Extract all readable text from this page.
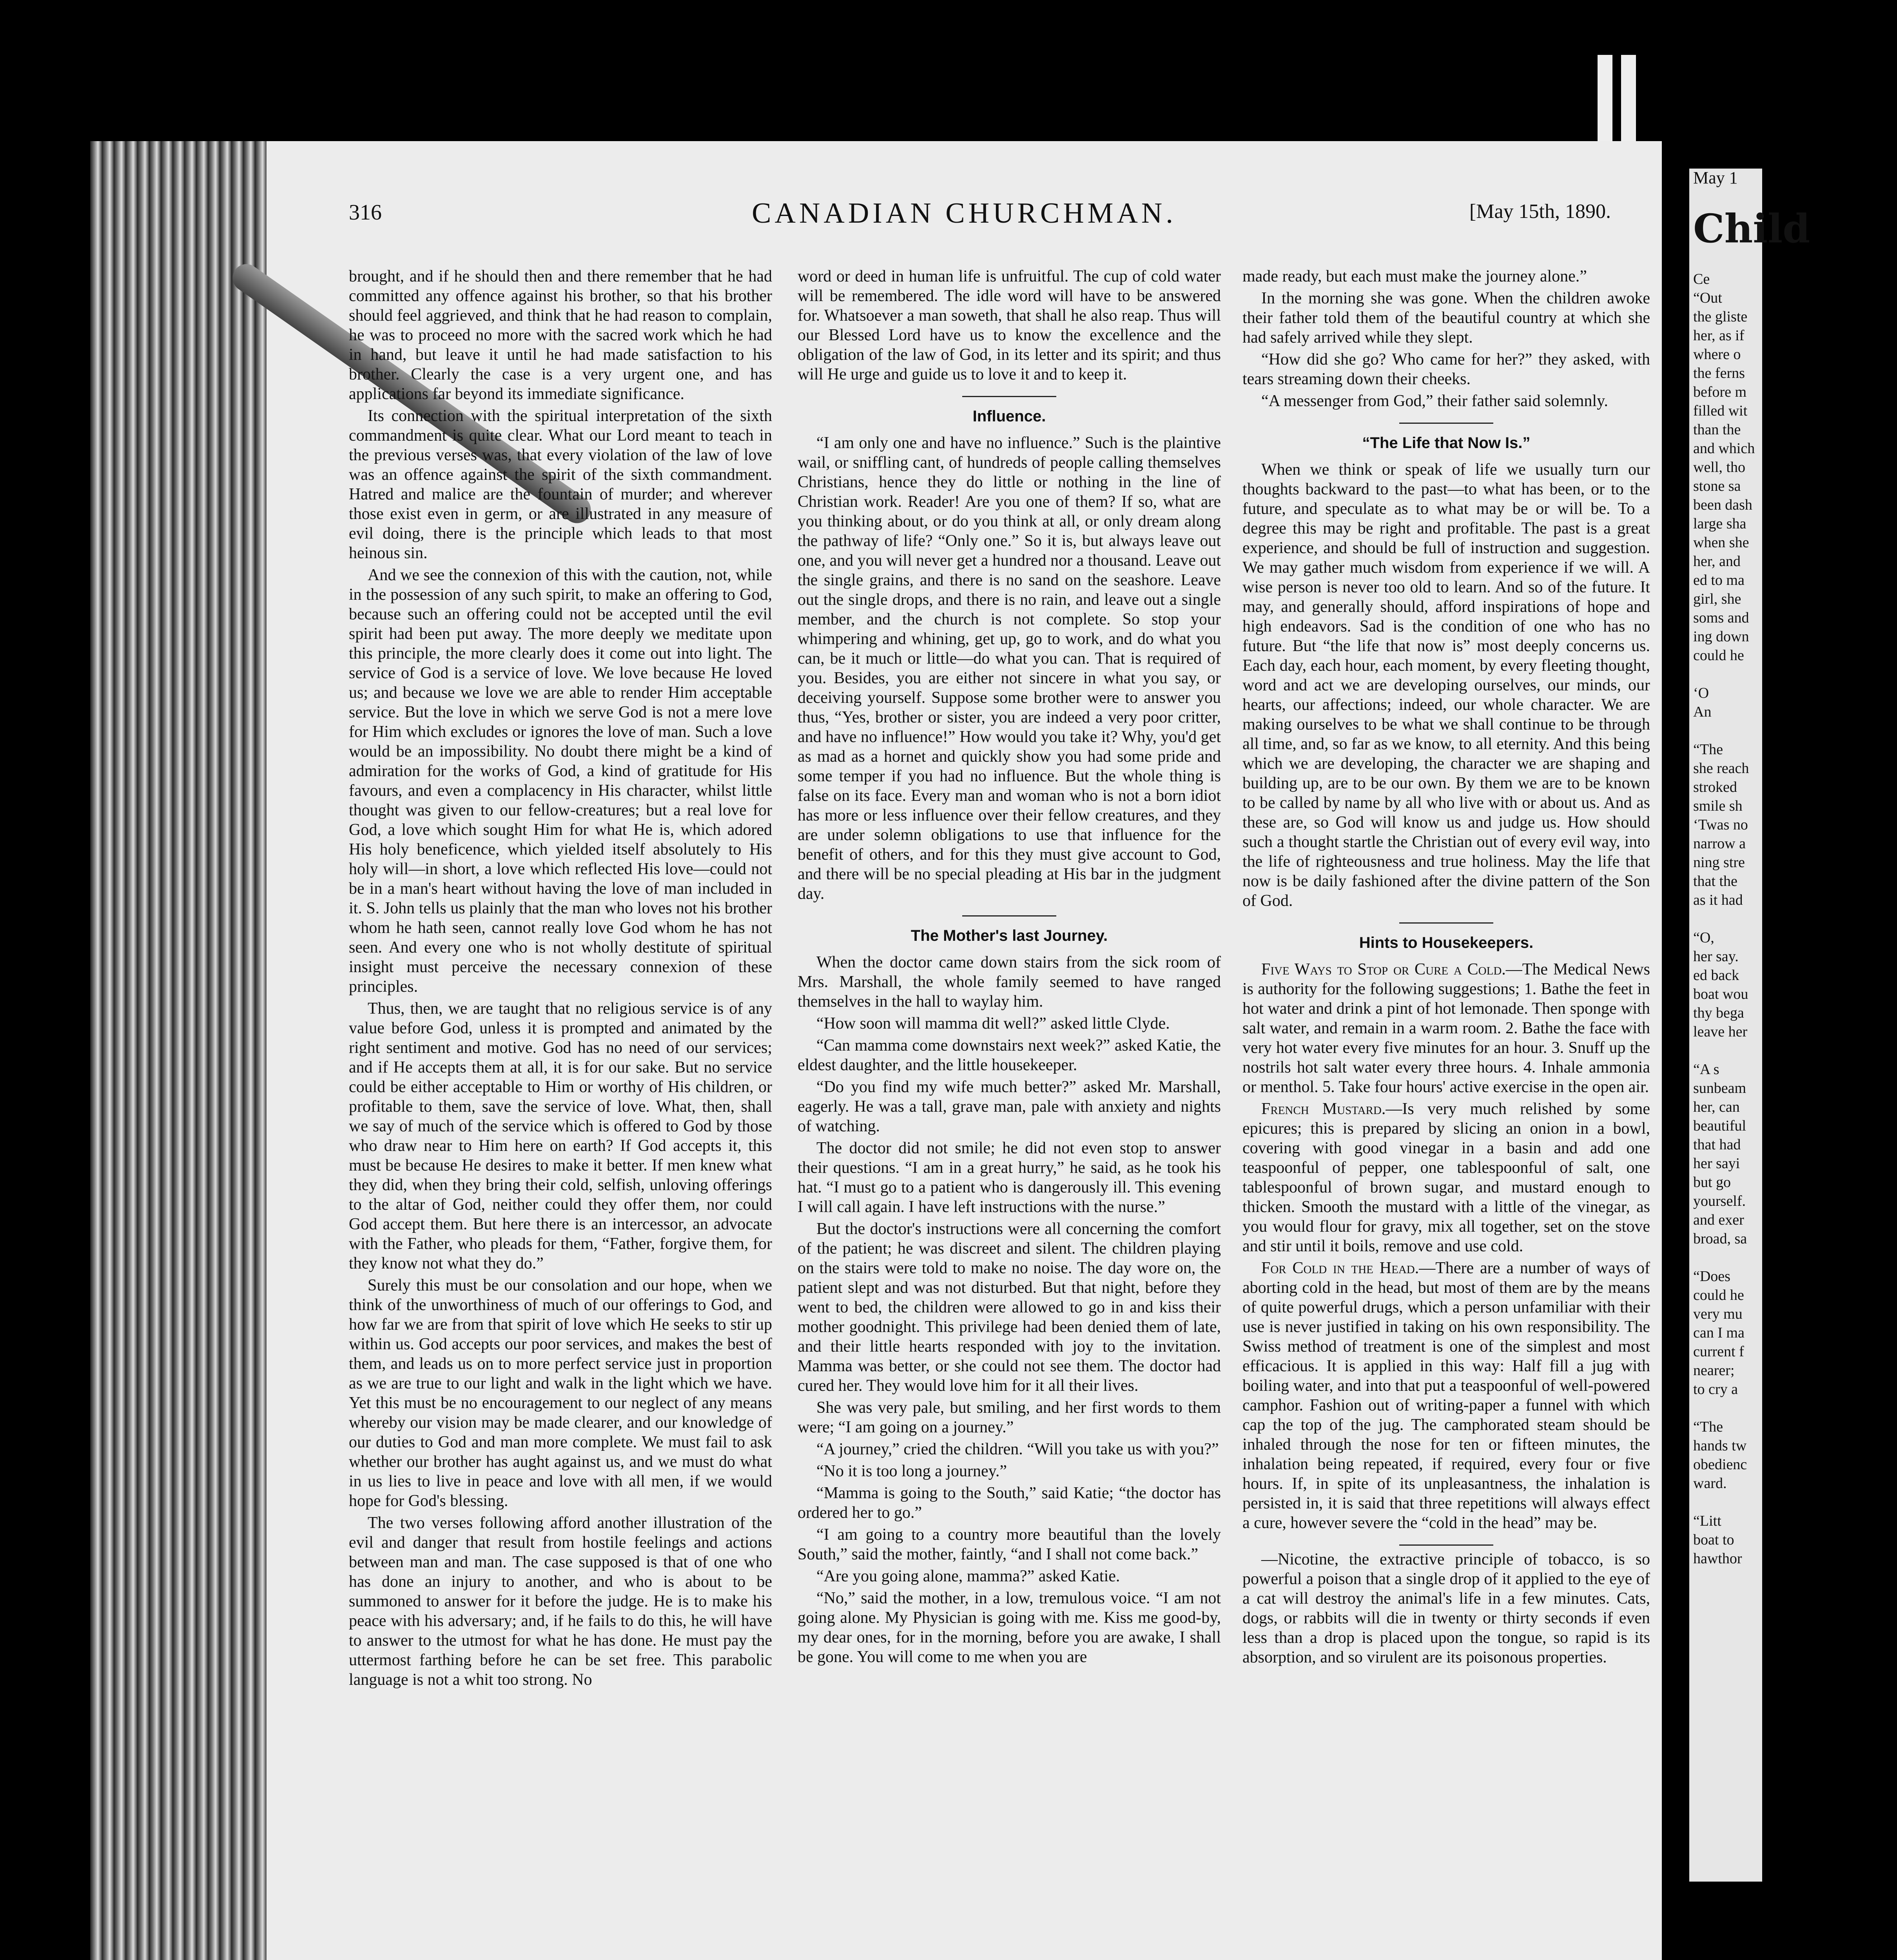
316	CANADIAN CHURCHMAN.	[May 15th, 1890.

brought, and if he should then and there remember that he had committed any offence against his brother, so that his brother should feel aggrieved, and think that he had reason to complain, he was to proceed no more with the sacred work which he had in hand, but leave it until he had made satisfaction to his brother. Clearly the case is a very urgent one, and has applications far beyond its immediate significance.

Its connection with the spiritual interpretation of the sixth commandment is quite clear. What our Lord meant to teach in the previous verses was, that every violation of the law of love was an offence against the spirit of the sixth commandment. Hatred and malice are the fountain of murder; and wherever those exist even in germ, or are illustrated in any measure of evil doing, there is the principle which leads to that most heinous sin.

And we see the connexion of this with the caution, not, while in the possession of any such spirit, to make an offering to God, because such an offering could not be accepted until the evil spirit had been put away. The more deeply we meditate upon this principle, the more clearly does it come out into light. The service of God is a service of love. We love because He loved us; and because we love we are able to render Him acceptable service. But the love in which we serve God is not a mere love for Him which excludes or ignores the love of man. Such a love would be an impossibility. No doubt there might be a kind of admiration for the works of God, a kind of gratitude for His favours, and even a complacency in His character, whilst little thought was given to our fellow-creatures; but a real love for God, a love which sought Him for what He is, which adored His holy beneficence, which yielded itself absolutely to His holy will—in short, a love which reflected His love—could not be in a man's heart without having the love of man included in it. S. John tells us plainly that the man who loves not his brother whom he hath seen, cannot really love God whom he has not seen. And every one who is not wholly destitute of spiritual insight must perceive the necessary connexion of these principles.

Thus, then, we are taught that no religious service is of any value before God, unless it is prompted and animated by the right sentiment and motive. God has no need of our services; and if He accepts them at all, it is for our sake. But no service could be either acceptable to Him or worthy of His children, or profitable to them, save the service of love. What, then, shall we say of much of the service which is offered to God by those who draw near to Him here on earth? If God accepts it, this must be because He desires to make it better. If men knew what they did, when they bring their cold, selfish, unloving offerings to the altar of God, neither could they offer them, nor could God accept them. But here there is an intercessor, an advocate with the Father, who pleads for them, “Father, forgive them, for they know not what they do.”

Surely this must be our consolation and our hope, when we think of the unworthiness of much of our offerings to God, and how far we are from that spirit of love which He seeks to stir up within us. God accepts our poor services, and makes the best of them, and leads us on to more perfect service just in proportion as we are true to our light and walk in the light which we have. Yet this must be no encouragement to our neglect of any means whereby our vision may be made clearer, and our knowledge of our duties to God and man more complete. We must fail to ask whether our brother has aught against us, and we must do what in us lies to live in peace and love with all men, if we would hope for God's blessing.

The two verses following afford another illustration of the evil and danger that result from hostile feelings and actions between man and man. The case supposed is that of one who has done an injury to another, and who is about to be summoned to answer for it before the judge. He is to make his peace with his adversary; and, if he fails to do this, he will have to answer to the utmost for what he has done. He must pay the uttermost farthing before he can be set free. This parabolic language is not a whit too strong. No

word or deed in human life is unfruitful. The cup of cold water will be remembered. The idle word will have to be answered for. Whatsoever a man soweth, that shall he also reap. Thus will our Blessed Lord have us to know the excellence and the obligation of the law of God, in its letter and its spirit; and thus will He urge and guide us to love it and to keep it.

Influence.

“I am only one and have no influence.” Such is the plaintive wail, or sniffling cant, of hundreds of people calling themselves Christians, hence they do little or nothing in the line of Christian work. Reader! Are you one of them? If so, what are you thinking about, or do you think at all, or only dream along the pathway of life? “Only one.” So it is, but always leave out one, and you will never get a hundred nor a thousand. Leave out the single grains, and there is no sand on the seashore. Leave out the single drops, and there is no rain, and leave out a single member, and the church is not complete. So stop your whimpering and whining, get up, go to work, and do what you can, be it much or little—do what you can. That is required of you. Besides, you are either not sincere in what you say, or deceiving yourself. Suppose some brother were to answer you thus, “Yes, brother or sister, you are indeed a very poor critter, and have no influence!” How would you take it? Why, you'd get as mad as a hornet and quickly show you had some pride and some temper if you had no influence. But the whole thing is false on its face. Every man and woman who is not a born idiot has more or less influence over their fellow creatures, and they are under solemn obligations to use that influence for the benefit of others, and for this they must give account to God, and there will be no special pleading at His bar in the judgment day.

The Mother's last Journey.

When the doctor came down stairs from the sick room of Mrs. Marshall, the whole family seemed to have ranged themselves in the hall to waylay him.

“How soon will mamma dit well?” asked little Clyde.

“Can mamma come downstairs next week?” asked Katie, the eldest daughter, and the little housekeeper.

“Do you find my wife much better?” asked Mr. Marshall, eagerly. He was a tall, grave man, pale with anxiety and nights of watching.

The doctor did not smile; he did not even stop to answer their questions. “I am in a great hurry,” he said, as he took his hat. “I must go to a patient who is dangerously ill. This evening I will call again. I have left instructions with the nurse.”

But the doctor's instructions were all concerning the comfort of the patient; he was discreet and silent. The children playing on the stairs were told to make no noise. The day wore on, the patient slept and was not disturbed. But that night, before they went to bed, the children were allowed to go in and kiss their mother goodnight. This privilege had been denied them of late, and their little hearts responded with joy to the invitation. Mamma was better, or she could not see them. The doctor had cured her. They would love him for it all their lives.

She was very pale, but smiling, and her first words to them were; “I am going on a journey.”

“A journey,” cried the children. “Will you take us with you?”

“No it is too long a journey.”

“Mamma is going to the South,” said Katie; “the doctor has ordered her to go.”

“I am going to a country more beautiful than the lovely South,” said the mother, faintly, “and I shall not come back.”

“Are you going alone, mamma?” asked Katie.

“No,” said the mother, in a low, tremulous voice. “I am not going alone. My Physician is going with me. Kiss me good-by, my dear ones, for in the morning, before you are awake, I shall be gone. You will come to me when you are

made ready, but each must make the journey alone.”

In the morning she was gone. When the children awoke their father told them of the beautiful country at which she had safely arrived while they slept.

“How did she go? Who came for her?” they asked, with tears streaming down their cheeks.

“A messenger from God,” their father said solemnly.

“The Life that Now Is.”

When we think or speak of life we usually turn our thoughts backward to the past—to what has been, or to the future, and speculate as to what may be or will be. To a degree this may be right and profitable. The past is a great experience, and should be full of instruction and suggestion. We may gather much wisdom from experience if we will. A wise person is never too old to learn. And so of the future. It may, and generally should, afford inspirations of hope and high endeavors. Sad is the condition of one who has no future. But “the life that now is” most deeply concerns us. Each day, each hour, each moment, by every fleeting thought, word and act we are developing ourselves, our minds, our hearts, our affections; indeed, our whole character. We are making ourselves to be what we shall continue to be through all time, and, so far as we know, to all eternity. And this being which we are developing, the character we are shaping and building up, are to be our own. By them we are to be known to be called by name by all who live with or about us. And as these are, so God will know us and judge us. How should such a thought startle the Christian out of every evil way, into the life of righteousness and true holiness. May the life that now is be daily fashioned after the divine pattern of the Son of God.

Hints to Housekeepers.

Five Ways to Stop or Cure a Cold.—The Medical News is authority for the following suggestions; 1. Bathe the feet in hot water and drink a pint of hot lemonade. Then sponge with salt water, and remain in a warm room. 2. Bathe the face with very hot water every five minutes for an hour. 3. Snuff up the nostrils hot salt water every three hours. 4. Inhale ammonia or menthol. 5. Take four hours' active exercise in the open air.

French Mustard.—Is very much relished by some epicures; this is prepared by slicing an onion in a bowl, covering with good vinegar in a basin and add one teaspoonful of pepper, one tablespoonful of salt, one tablespoonful of brown sugar, and mustard enough to thicken. Smooth the mustard with a little of the vinegar, as you would flour for gravy, mix all together, set on the stove and stir until it boils, remove and use cold.

For Cold in the Head.—There are a number of ways of aborting cold in the head, but most of them are by the means of quite powerful drugs, which a person unfamiliar with their use is never justified in taking on his own responsibility. The Swiss method of treatment is one of the simplest and most efficacious. It is applied in this way: Half fill a jug with boiling water, and into that put a teaspoonful of well-powered camphor. Fashion out of writing-paper a funnel with which cap the top of the jug. The camphorated steam should be inhaled through the nose for ten or fifteen minutes, the inhalation being repeated, if required, every four or five hours. If, in spite of its unpleasantness, the inhalation is persisted in, it is said that three repetitions will always effect a cure, however severe the “cold in the head” may be.

—Nicotine, the extractive principle of tobacco, is so powerful a poison that a single drop of it applied to the eye of a cat will destroy the animal's life in a few minutes. Cats, dogs, or rabbits will die in twenty or thirty seconds if even less than a drop is placed upon the tongue, so rapid is its absorption, and so virulent are its poisonous properties.

May 1

Child

Ce

“Out

the gliste

her, as if

where o

the ferns

before m

filled wit

than the

and which

well, tho

stone sa

been dash

large sha

when she

her, and

ed to ma

girl, she

soms and

ing down

could he

‘O

An

“The

she reach

stroked

smile sh

‘Twas no

narrow a

ning stre

that the

as it had

“O,

her say.

ed back

boat wou

thy bega

leave her

“A s

sunbeam

her, can

beautiful

that had

her sayi

but go

yourself.

and exer

broad, sa

“Does

could he

very mu

can I ma

current f

nearer;

to cry a

“The

hands tw

obedienc

ward.

“Litt

boat to

hawthor
